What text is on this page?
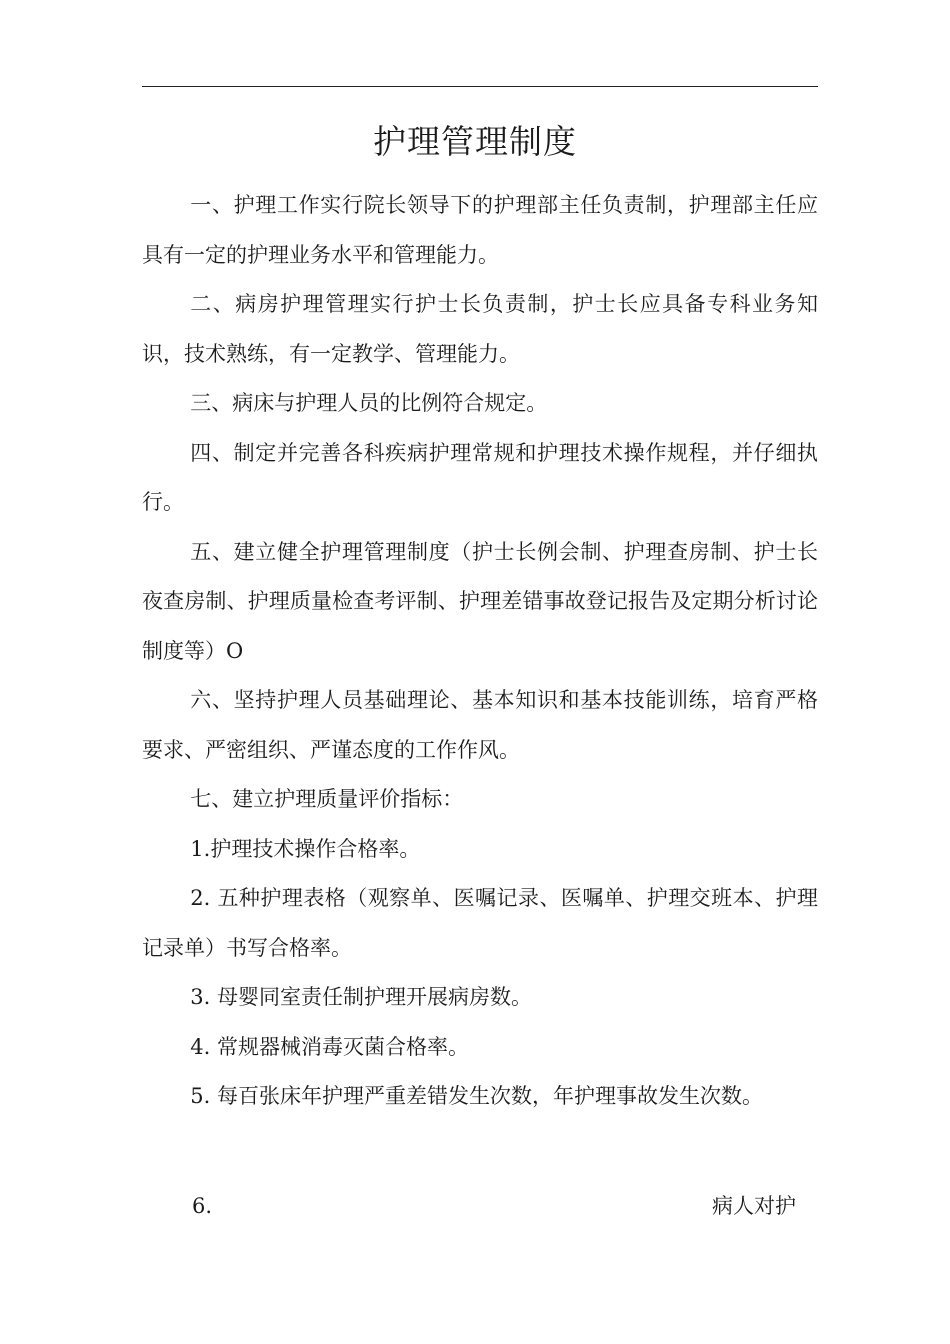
护理管理制度

一、护理工作实行院长领导下的护理部主任负责制，护理部主任应具有一定的护理业务水平和管理能力。

二、病房护理管理实行护士长负责制，护士长应具备专科业务知识，技术熟练，有一定教学、管理能力。

三、病床与护理人员的比例符合规定。

四、制定并完善各科疾病护理常规和护理技术操作规程，并仔细执行。

五、建立健全护理管理制度（护士长例会制、护理查房制、护士长夜查房制、护理质量检查考评制、护理差错事故登记报告及定期分析讨论制度等）O

六、坚持护理人员基础理论、基本知识和基本技能训练，培育严格要求、严密组织、严谨态度的工作作风。

七、建立护理质量评价指标：

1.护理技术操作合格率。

2. 五种护理表格（观察单、医嘱记录、医嘱单、护理交班本、护理记录单）书写合格率。

3. 母婴同室责任制护理开展病房数。

4. 常规器械消毒灭菌合格率。

5. 每百张床年护理严重差错发生次数，年护理事故发生次数。

6.	病人对护
